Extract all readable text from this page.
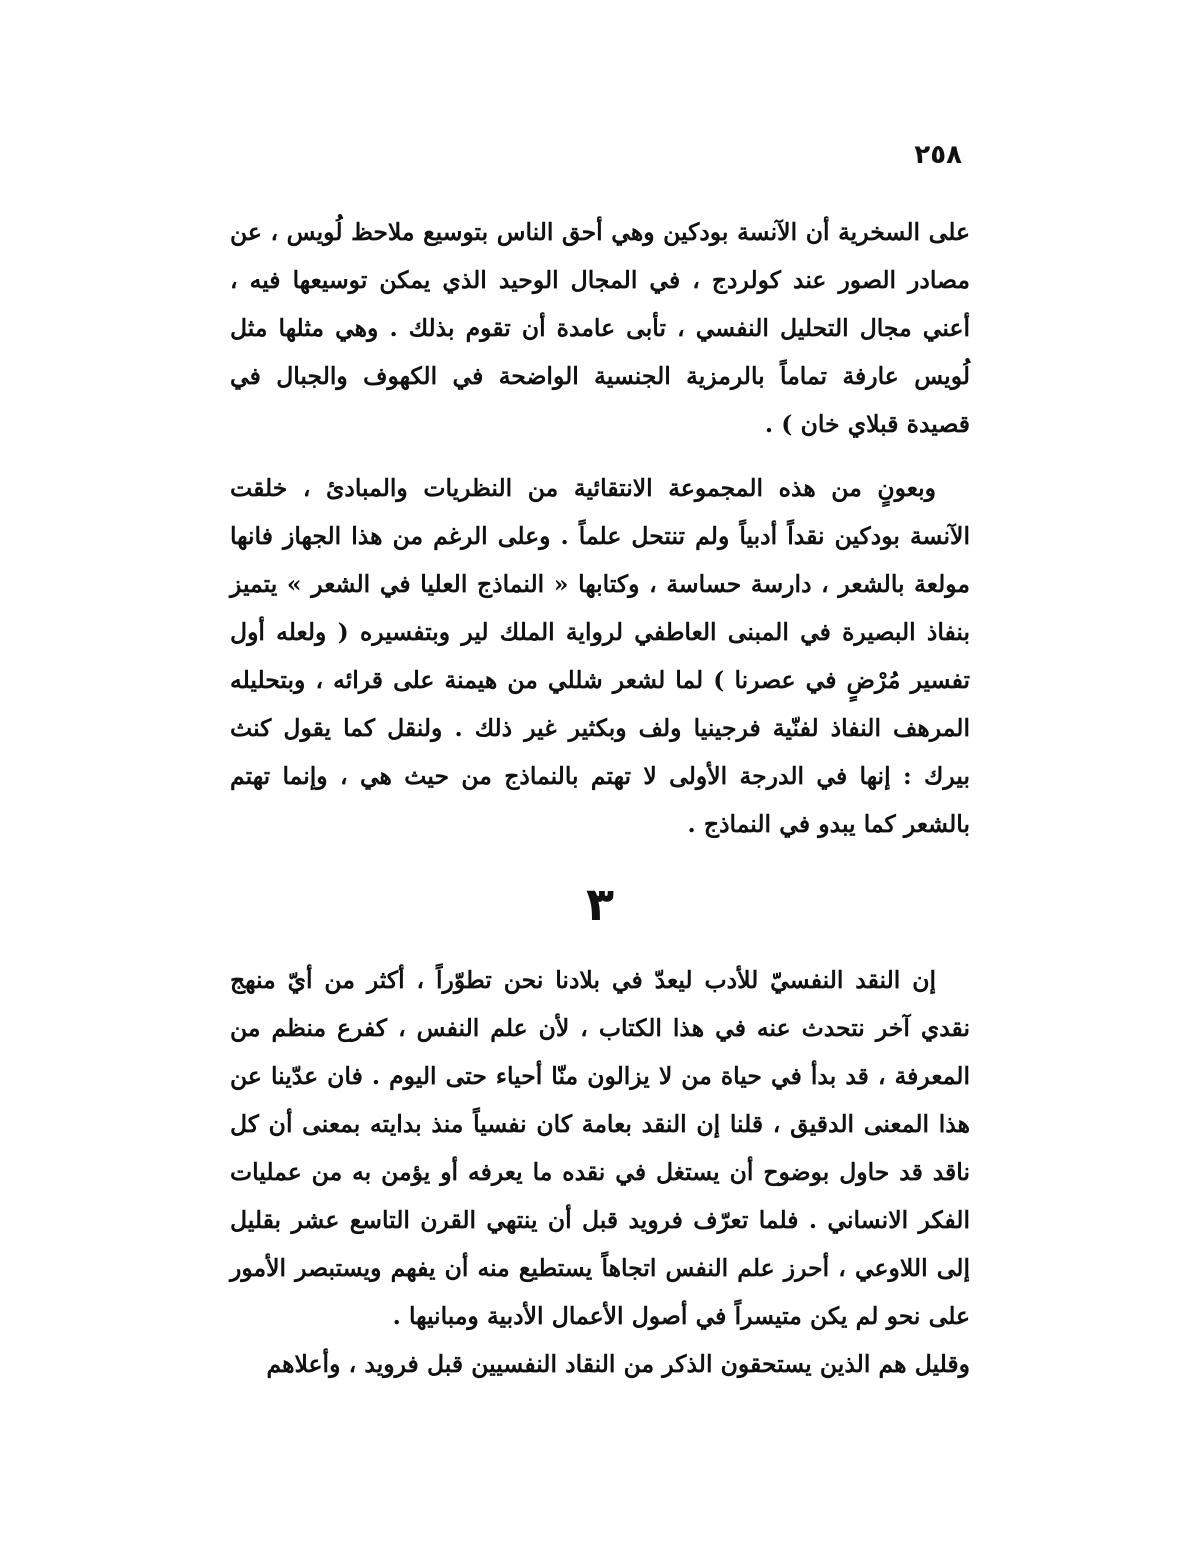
٢٥٨

على السخرية أن الآنسة بودكين وهي أحق الناس بتوسيع ملاحظ لُويس ، عن مصادر الصور عند كولردج ، في المجال الوحيد الذي يمكن توسيعها فيه ، أعني مجال التحليل النفسي ، تأبى عامدة أن تقوم بذلك . وهي مثلها مثل لُويس عارفة تماماً بالرمزية الجنسية الواضحة في الكهوف والجبال في قصيدة قبلاي خان ) .

وبعونٍ من هذه المجموعة الانتقائية من النظريات والمبادئ ، خلقت الآنسة بودكين نقداً أدبياً ولم تنتحل علماً . وعلى الرغم من هذا الجهاز فانها مولعة بالشعر ، دارسة حساسة ، وكتابها « النماذج العليا في الشعر » يتميز بنفاذ البصيرة في المبنى العاطفي لرواية الملك لير وبتفسيره ( ولعله أول تفسير مُرْضٍ في عصرنا ) لما لشعر شللي من هيمنة على قرائه ، وبتحليله المرهف النفاذ لفنّية فرجينيا ولف وبكثير غير ذلك . ولنقل كما يقول كنث بيرك : إنها في الدرجة الأولى لا تهتم بالنماذج من حيث هي ، وإنما تهتم بالشعر كما يبدو في النماذج .

٣

إن النقد النفسيّ للأدب ليعدّ في بلادنا نحن تطوّراً ، أكثر من أيّ منهج نقدي آخر نتحدث عنه في هذا الكتاب ، لأن علم النفس ، كفرع منظم من المعرفة ، قد بدأ في حياة من لا يزالون منّا أحياء حتى اليوم . فان عدّينا عن هذا المعنى الدقيق ، قلنا إن النقد بعامة كان نفسياً منذ بدايته بمعنى أن كل ناقد قد حاول بوضوح أن يستغل في نقده ما يعرفه أو يؤمن به من عمليات الفكر الانساني . فلما تعرّف فرويد قبل أن ينتهي القرن التاسع عشر بقليل إلى اللاوعي ، أحرز علم النفس اتجاهاً يستطيع منه أن يفهم ويستبصر الأمور على نحو لم يكن متيسراً في أصول الأعمال الأدبية ومبانيها .

وقليل هم الذين يستحقون الذكر من النقاد النفسيين قبل فرويد ، وأعلاهم
